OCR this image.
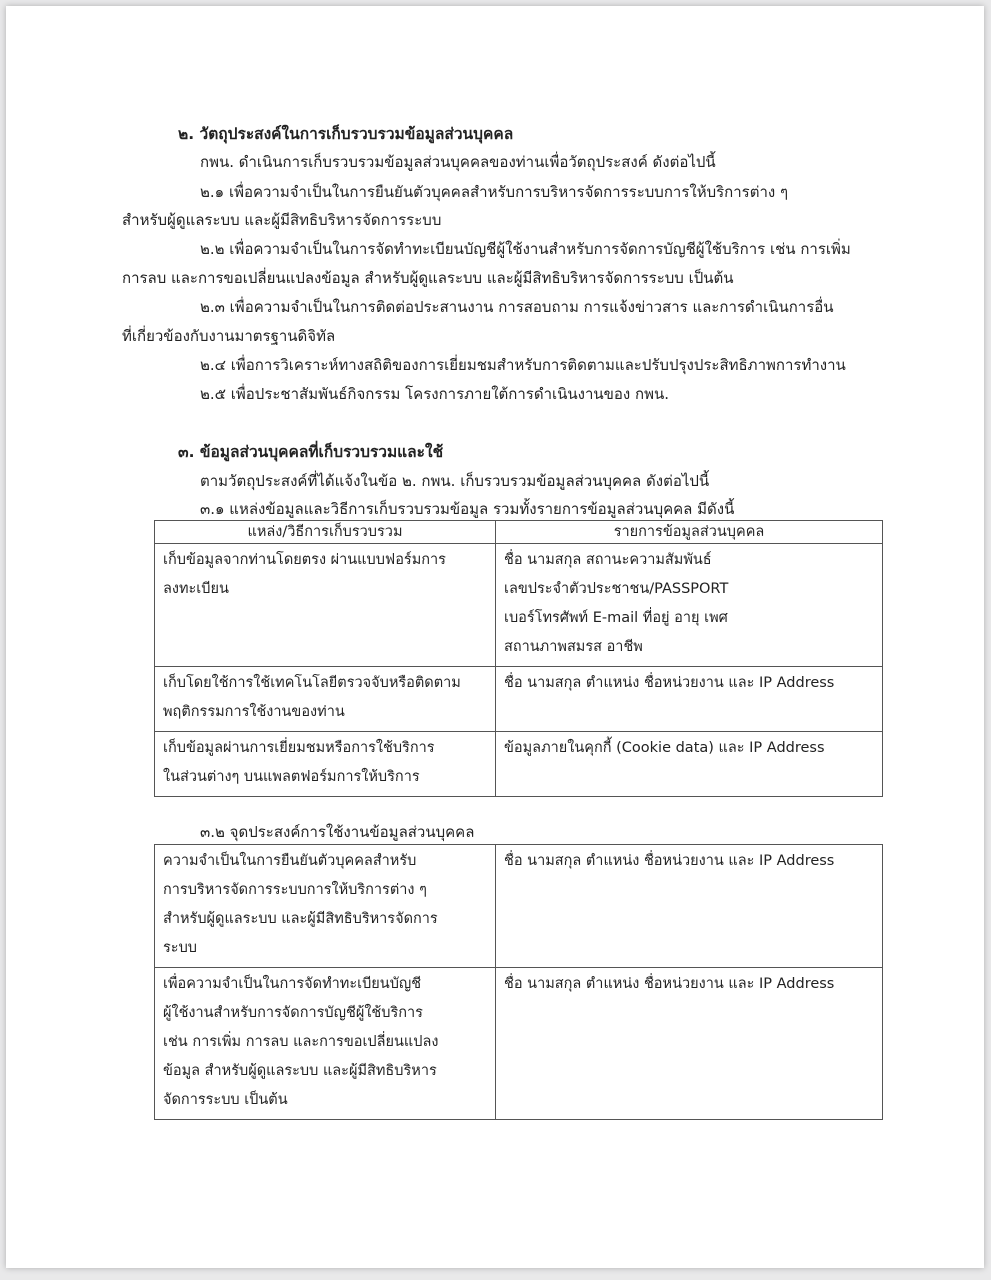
๒. วัตถุประสงค์ในการเก็บรวบรวมข้อมูลส่วนบุคคล
กพน. ดำเนินการเก็บรวบรวมข้อมูลส่วนบุคคลของท่านเพื่อวัตถุประสงค์ ดังต่อไปนี้
๒.๑ เพื่อความจำเป็นในการยืนยันตัวบุคคลสำหรับการบริหารจัดการระบบการให้บริการต่าง ๆ
สำหรับผู้ดูแลระบบ และผู้มีสิทธิบริหารจัดการระบบ
๒.๒ เพื่อความจำเป็นในการจัดทำทะเบียนบัญชีผู้ใช้งานสำหรับการจัดการบัญชีผู้ใช้บริการ เช่น การเพิ่ม
การลบ และการขอเปลี่ยนแปลงข้อมูล สำหรับผู้ดูแลระบบ และผู้มีสิทธิบริหารจัดการระบบ เป็นต้น
๒.๓ เพื่อความจำเป็นในการติดต่อประสานงาน การสอบถาม การแจ้งข่าวสาร และการดำเนินการอื่น
ที่เกี่ยวข้องกับงานมาตรฐานดิจิทัล
๒.๔ เพื่อการวิเคราะห์ทางสถิติของการเยี่ยมชมสำหรับการติดตามและปรับปรุงประสิทธิภาพการทำงาน
๒.๕ เพื่อประชาสัมพันธ์กิจกรรม โครงการภายใต้การดำเนินงานของ กพน.
๓. ข้อมูลส่วนบุคคลที่เก็บรวบรวมและใช้
ตามวัตถุประสงค์ที่ได้แจ้งในข้อ ๒. กพน. เก็บรวบรวมข้อมูลส่วนบุคคล ดังต่อไปนี้
๓.๑ แหล่งข้อมูลและวิธีการเก็บรวบรวมข้อมูล รวมทั้งรายการข้อมูลส่วนบุคคล มีดังนี้
แหล่ง/วิธีการเก็บรวบรวม	รายการข้อมูลส่วนบุคคล

เก็บข้อมูลจากท่านโดยตรง ผ่านแบบฟอร์มการ
ลงทะเบียน	ชื่อ นามสกุล สถานะความสัมพันธ์
เลขประจำตัวประชาชน/PASSPORT
เบอร์โทรศัพท์ E-mail ที่อยู่ อายุ เพศ
สถานภาพสมรส อาชีพ

เก็บโดยใช้การใช้เทคโนโลยีตรวจจับหรือติดตาม
พฤติกรรมการใช้งานของท่าน	ชื่อ นามสกุล ตำแหน่ง ชื่อหน่วยงาน และ IP Address

เก็บข้อมูลผ่านการเยี่ยมชมหรือการใช้บริการ
ในส่วนต่างๆ บนแพลตฟอร์มการให้บริการ	ข้อมูลภายในคุกกี้ (Cookie data) และ IP Address
๓.๒ จุดประสงค์การใช้งานข้อมูลส่วนบุคคล
ความจำเป็นในการยืนยันตัวบุคคลสำหรับ
การบริหารจัดการระบบการให้บริการต่าง ๆ
สำหรับผู้ดูแลระบบ และผู้มีสิทธิบริหารจัดการ
ระบบ	ชื่อ นามสกุล ตำแหน่ง ชื่อหน่วยงาน และ IP Address

เพื่อความจำเป็นในการจัดทำทะเบียนบัญชี
ผู้ใช้งานสำหรับการจัดการบัญชีผู้ใช้บริการ
เช่น การเพิ่ม การลบ และการขอเปลี่ยนแปลง
ข้อมูล สำหรับผู้ดูแลระบบ และผู้มีสิทธิบริหาร
จัดการระบบ เป็นต้น	ชื่อ นามสกุล ตำแหน่ง ชื่อหน่วยงาน และ IP Address
